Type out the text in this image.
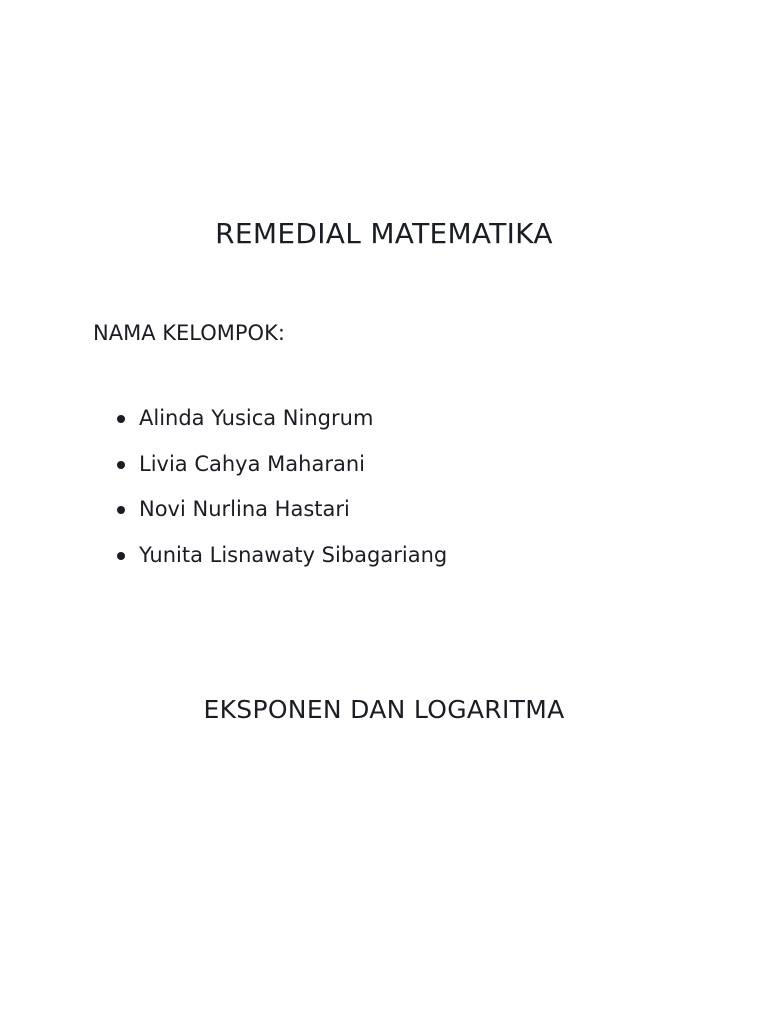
REMEDIAL MATEMATIKA

NAMA KELOMPOK:

Alinda Yusica Ningrum
Livia Cahya Maharani
Novi Nurlina Hastari
Yunita Lisnawaty Sibagariang
EKSPONEN DAN LOGARITMA
